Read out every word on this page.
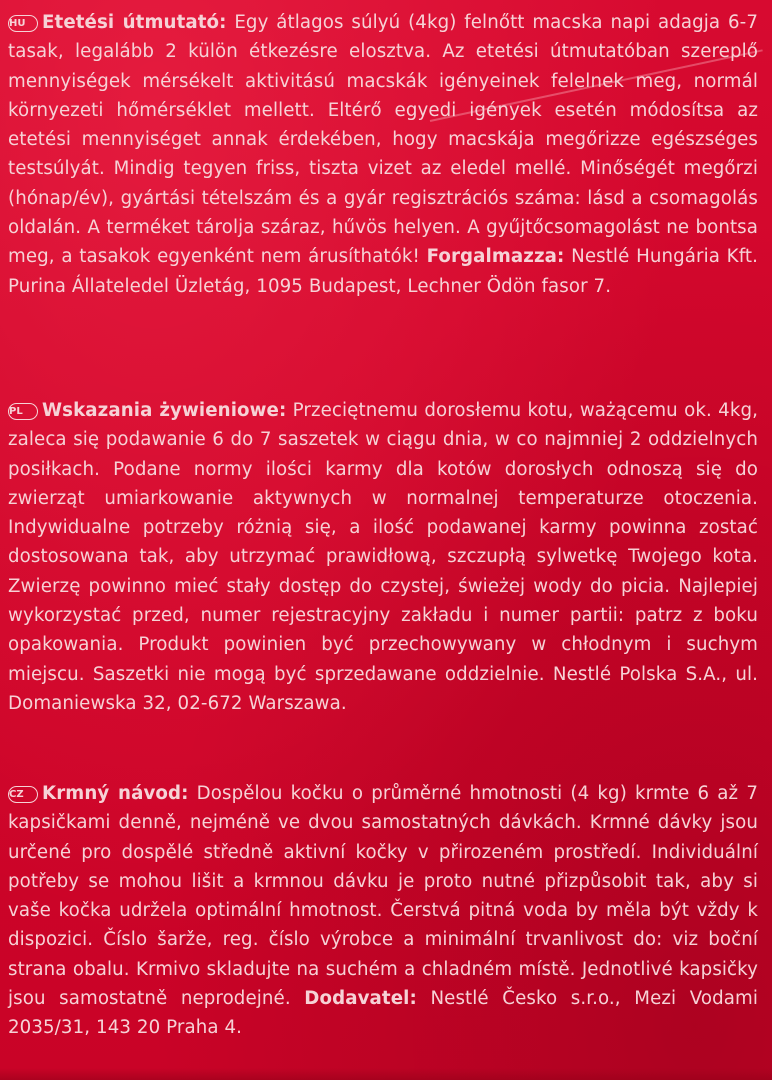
HU Etetési útmutató: Egy átlagos súlyú (4kg) felnőtt macska napi adagja 6-7 tasak, legalább 2 külön étkezésre elosztva. Az etetési útmutatóban szereplő mennyiségek mérsékelt aktivitású macskák igényeinek felelnek meg, normál környezeti hőmérséklet mellett. Eltérő egyedi igények esetén módosítsa az etetési mennyiséget annak érdekében, hogy macskája megőrizze egészséges testsúlyát. Mindig tegyen friss, tiszta vizet az eledel mellé. Minőségét megőrzi (hónap/év), gyártási tételszám és a gyár regisztrációs száma: lásd a csomagolás oldalán. A terméket tárolja száraz, hűvös helyen. A gyűjtőcsomagolást ne bontsa meg, a tasakok egyenként nem árusíthatók! Forgalmazza: Nestlé Hungária Kft. Purina Állateledel Üzletág, 1095 Budapest, Lechner Ödön fasor 7.
PL Wskazania żywieniowe: Przeciętnemu dorosłemu kotu, ważącemu ok. 4kg, zaleca się podawanie 6 do 7 saszetek w ciągu dnia, w co najmniej 2 oddzielnych posiłkach. Podane normy ilości karmy dla kotów dorosłych odnoszą się do zwierząt umiarkowanie aktywnych w normalnej temperaturze otoczenia. Indywidualne potrzeby różnią się, a ilość podawanej karmy powinna zostać dostosowana tak, aby utrzymać prawidłową, szczupłą sylwetkę Twojego kota. Zwierzę powinno mieć stały dostęp do czystej, świeżej wody do picia. Najlepiej wykorzystać przed, numer rejestracyjny zakładu i numer partii: patrz z boku opakowania. Produkt powinien być przechowywany w chłodnym i suchym miejscu. Saszetki nie mogą być sprzedawane oddzielnie. Nestlé Polska S.A., ul. Domaniewska 32, 02-672 Warszawa.
CZ Krmný návod: Dospělou kočku o průměrné hmotnosti (4 kg) krmte 6 až 7 kapsičkami denně, nejméně ve dvou samostatných dávkách. Krmné dávky jsou určené pro dospělé středně aktivní kočky v přirozeném prostředí. Individuální potřeby se mohou lišit a krmnou dávku je proto nutné přizpůsobit tak, aby si vaše kočka udržela optimální hmotnost. Čerstvá pitná voda by měla být vždy k dispozici. Číslo šarže, reg. číslo výrobce a minimální trvanlivost do: viz boční strana obalu. Krmivo skladujte na suchém a chladném místě. Jednotlivé kapsičky jsou samostatně neprodejné. Dodavatel: Nestlé Česko s.r.o., Mezi Vodami 2035/31, 143 20 Praha 4.
